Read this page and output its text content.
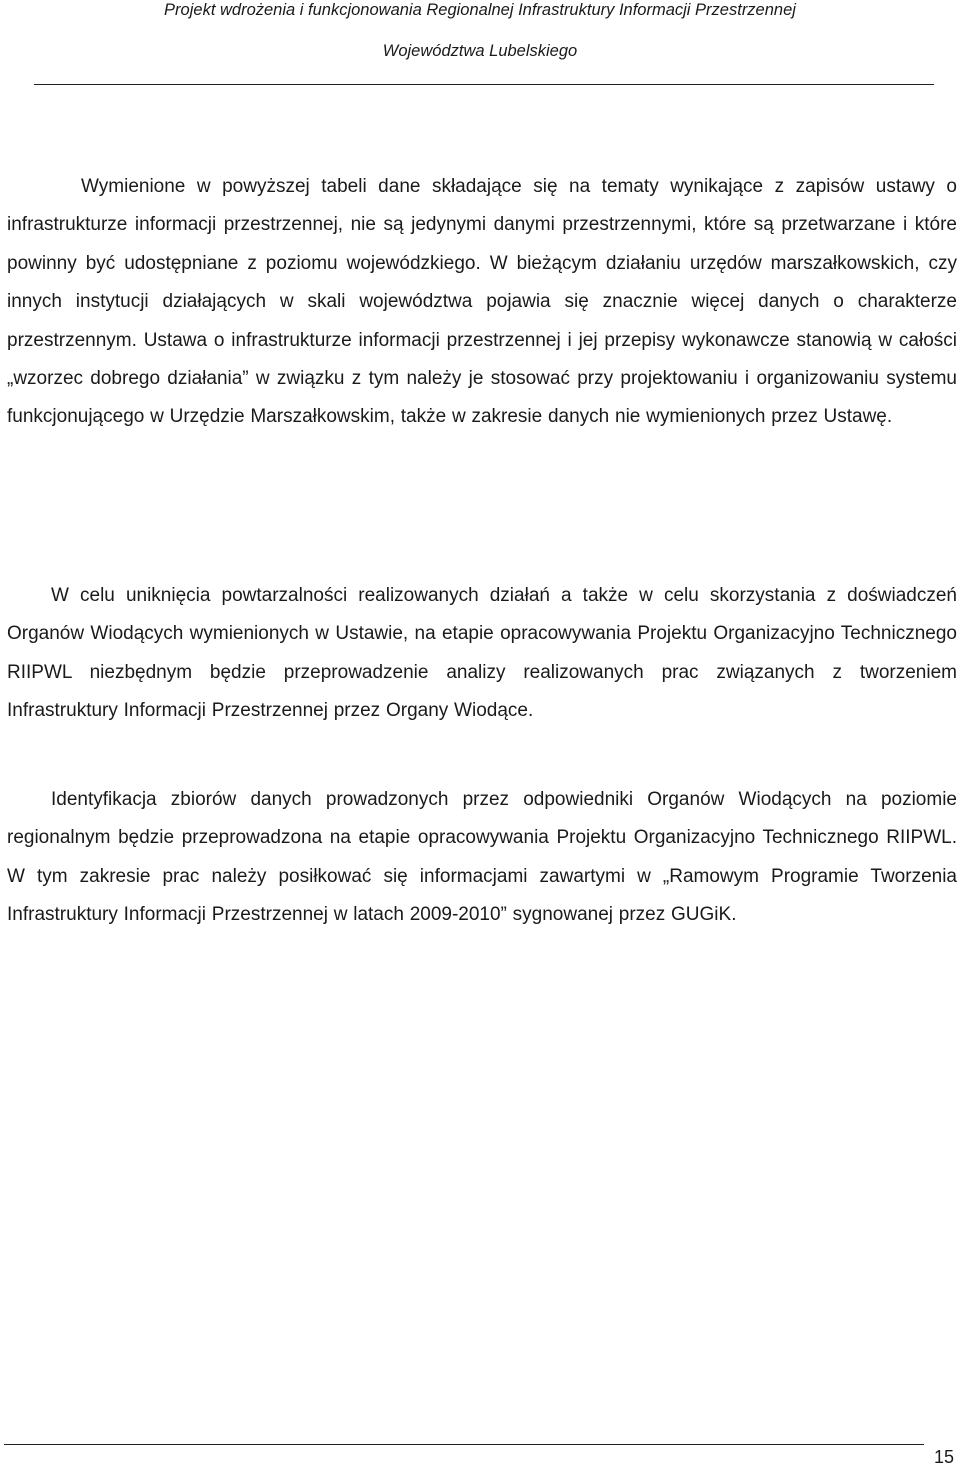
Projekt wdrożenia i funkcjonowania Regionalnej Infrastruktury Informacji Przestrzennej
Województwa Lubelskiego

Wymienione w powyższej tabeli dane składające się na tematy wynikające z zapisów ustawy o infrastrukturze informacji przestrzennej, nie są jedynymi danymi przestrzennymi, które są przetwarzane i które powinny być udostępniane z poziomu wojewódzkiego. W bieżącym działaniu urzędów marszałkowskich, czy innych instytucji działających w skali województwa pojawia się znacznie więcej danych o charakterze przestrzennym. Ustawa o infrastrukturze informacji przestrzennej i jej przepisy wykonawcze stanowią w całości „wzorzec dobrego działania” w związku z tym należy je stosować przy projektowaniu i organizowaniu systemu funkcjonującego w Urzędzie Marszałkowskim, także w zakresie danych nie wymienionych przez Ustawę.

W celu uniknięcia powtarzalności realizowanych działań a także w celu skorzystania z doświadczeń Organów Wiodących wymienionych w Ustawie, na etapie opracowywania Projektu Organizacyjno Technicznego RIIPWL niezbędnym będzie przeprowadzenie analizy realizowanych prac związanych z tworzeniem Infrastruktury Informacji Przestrzennej przez Organy Wiodące.

Identyfikacja zbiorów danych prowadzonych przez odpowiedniki Organów Wiodących na poziomie regionalnym będzie przeprowadzona na etapie opracowywania Projektu Organizacyjno Technicznego RIIPWL. W tym zakresie prac należy posiłkować się informacjami zawartymi w „Ramowym Programie Tworzenia Infrastruktury Informacji Przestrzennej w latach 2009-2010” sygnowanej przez GUGiK.

15
